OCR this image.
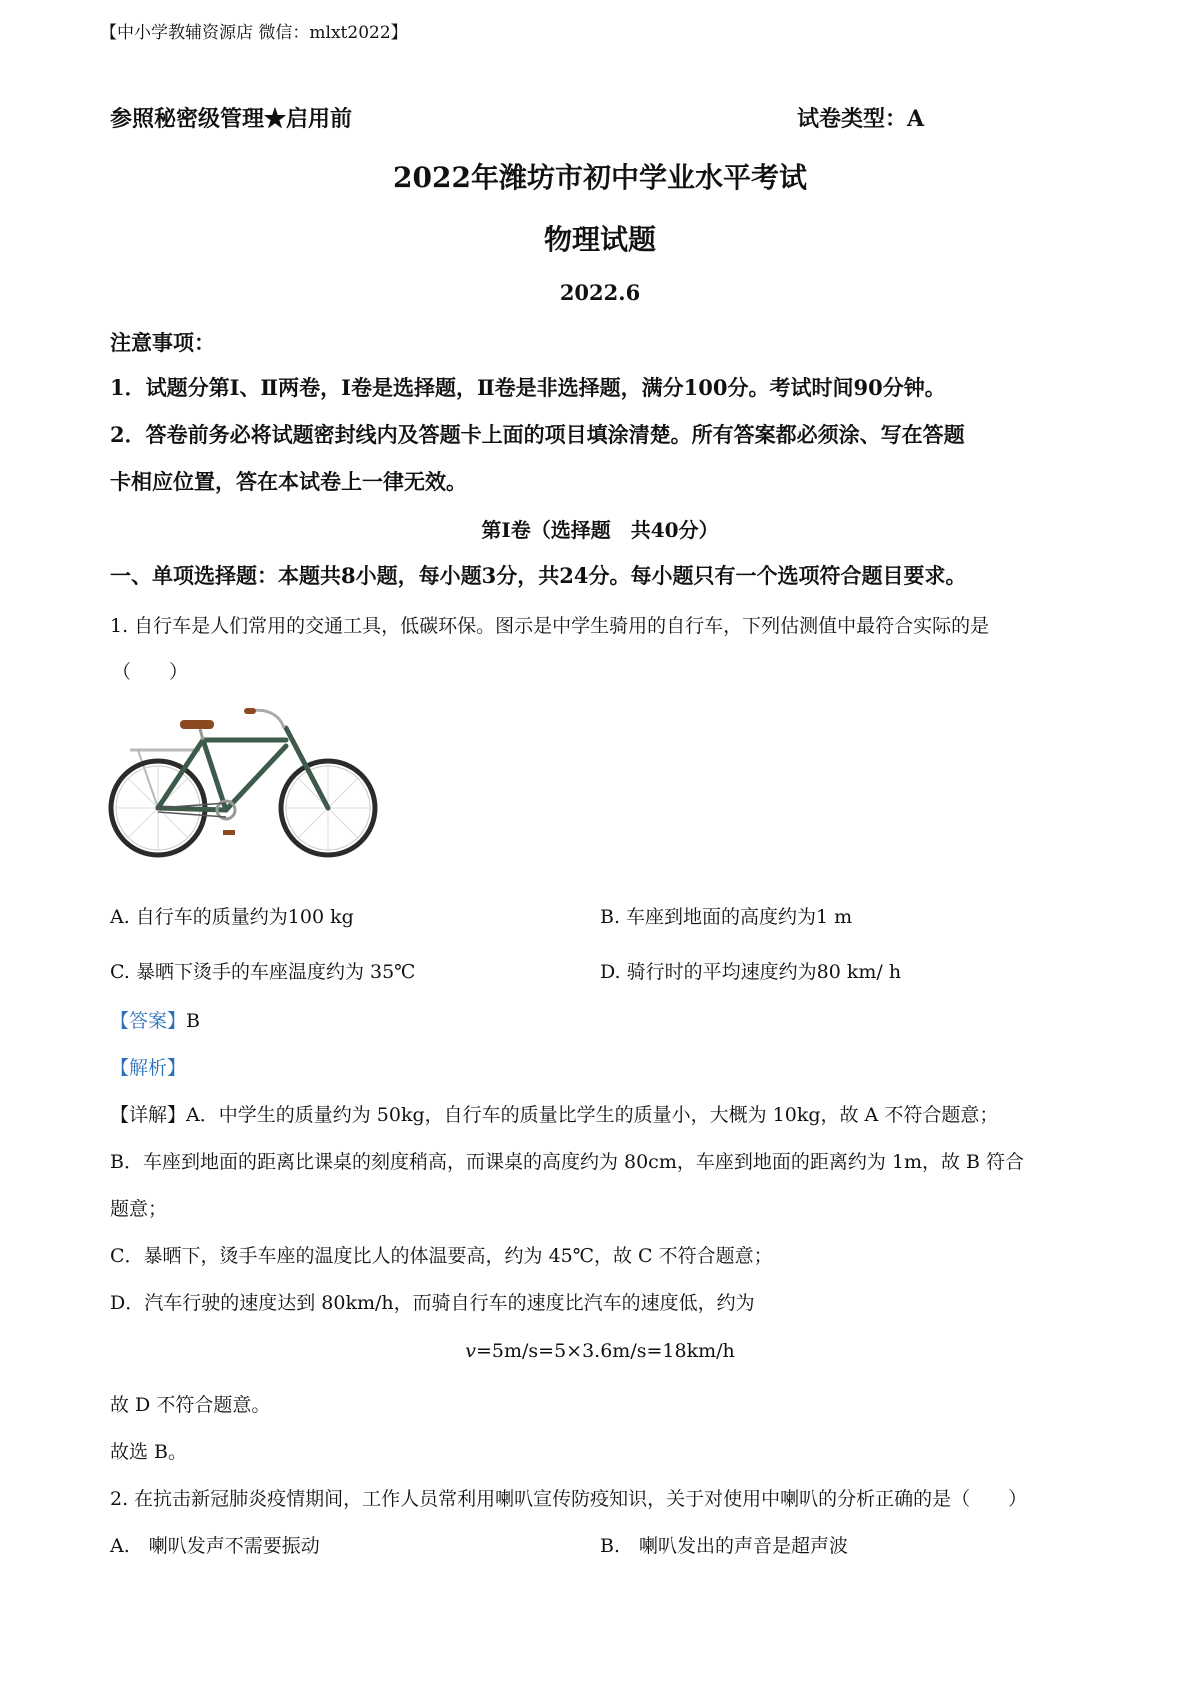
【中小学教辅资源店 微信：mlxt2022】
参照秘密级管理★启用前	试卷类型：A
2022年潍坊市初中学业水平考试
物理试题
2022.6
注意事项：
1．试题分第Ⅰ、Ⅱ两卷，Ⅰ卷是选择题，Ⅱ卷是非选择题，满分100分。考试时间90分钟。
2．答卷前务必将试题密封线内及答题卡上面的项目填涂清楚。所有答案都必须涂、写在答题
卡相应位置，答在本试卷上一律无效。
第Ⅰ卷（选择题　共40分）
一、单项选择题：本题共8小题，每小题3分，共24分。每小题只有一个选项符合题目要求。
1. 自行车是人们常用的交通工具，低碳环保。图示是中学生骑用的自行车，下列估测值中最符合实际的是
（　　）
A. 自行车的质量约为100 kg	B. 车座到地面的高度约为1 m
C. 暴晒下烫手的车座温度约为 35℃	D. 骑行时的平均速度约为80 km/ h
【答案】B
【解析】
【详解】A．中学生的质量约为 50kg，自行车的质量比学生的质量小，大概为 10kg，故 A 不符合题意；
B．车座到地面的距离比课桌的刻度稍高，而课桌的高度约为 80cm，车座到地面的距离约为 1m，故 B 符合
题意；
C．暴晒下，烫手车座的温度比人的体温要高，约为 45℃，故 C 不符合题意；
D．汽车行驶的速度达到 80km/h，而骑自行车的速度比汽车的速度低，约为
v=5m/s=5×3.6m/s=18km/h
故 D 不符合题意。
故选 B。
2. 在抗击新冠肺炎疫情期间，工作人员常利用喇叭宣传防疫知识，关于对使用中喇叭的分析正确的是（　　）
A.　喇叭发声不需要振动	B.　喇叭发出的声音是超声波
